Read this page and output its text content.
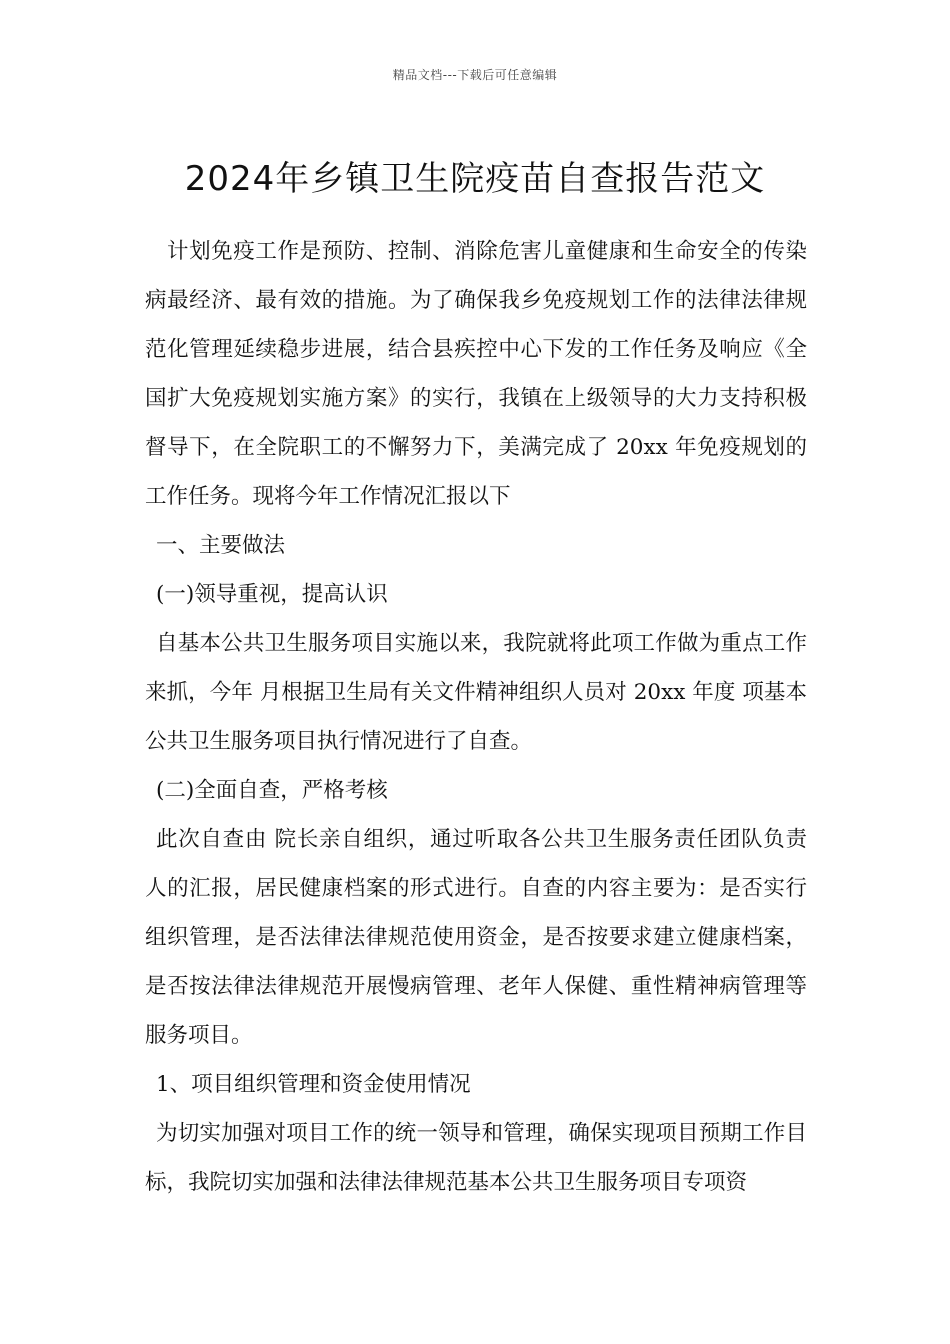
精品文档---下载后可任意编辑
2024年乡镇卫生院疫苗自查报告范文

计划免疫工作是预防、控制、消除危害儿童健康和生命安全的传染病最经济、最有效的措施。为了确保我乡免疫规划工作的法律法律规范化管理延续稳步进展，结合县疾控中心下发的工作任务及响应《全国扩大免疫规划实施方案》的实行，我镇在上级领导的大力支持积极督导下，在全院职工的不懈努力下，美满完成了 20xx 年免疫规划的工作任务。现将今年工作情况汇报以下

一、主要做法

(一)领导重视，提高认识

自基本公共卫生服务项目实施以来，我院就将此项工作做为重点工作来抓，今年 月根据卫生局有关文件精神组织人员对 20xx 年度 项基本公共卫生服务项目执行情况进行了自查。

(二)全面自查，严格考核

此次自查由 院长亲自组织，通过听取各公共卫生服务责任团队负责人的汇报，居民健康档案的形式进行。自查的内容主要为：是否实行组织管理，是否法律法律规范使用资金，是否按要求建立健康档案，是否按法律法律规范开展慢病管理、老年人保健、重性精神病管理等服务项目。

1、项目组织管理和资金使用情况

为切实加强对项目工作的统一领导和管理，确保实现项目预期工作目标，我院切实加强和法律法律规范基本公共卫生服务项目专项资
